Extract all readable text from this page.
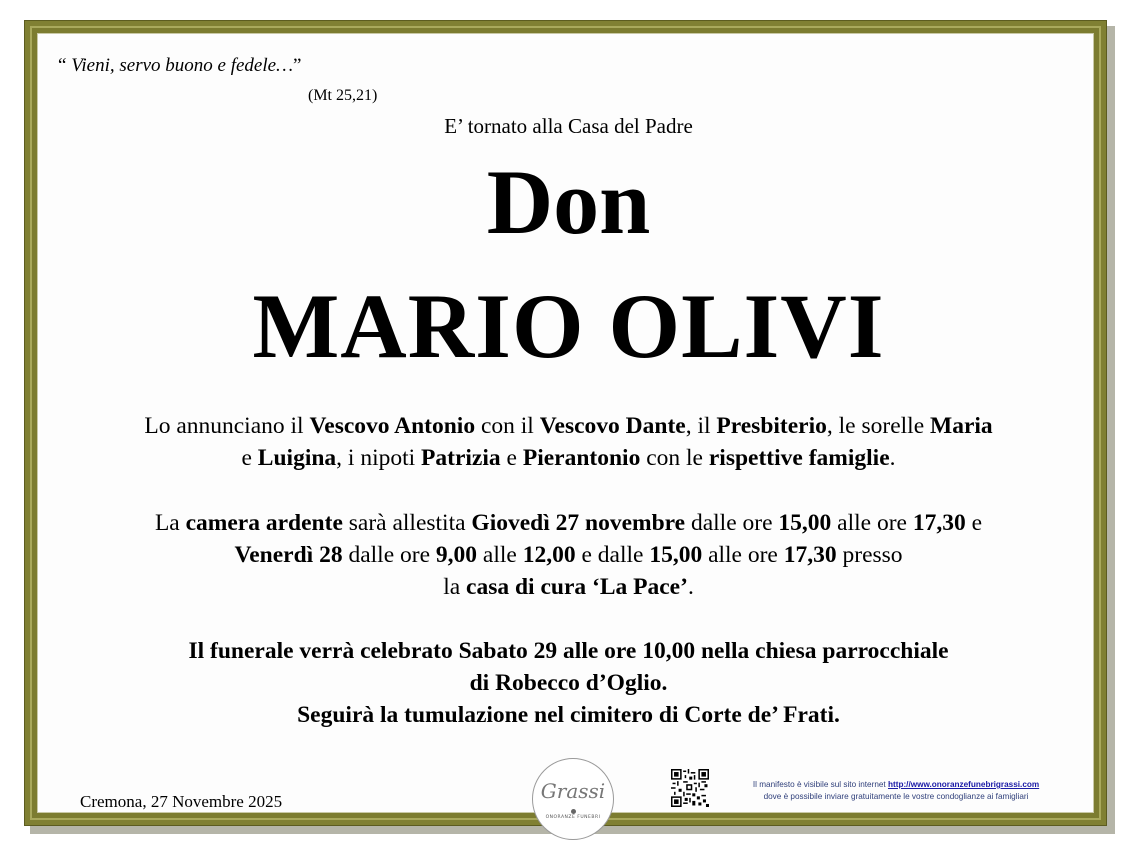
“ Vieni, servo buono e fedele…”
(Mt 25,21)
E’ tornato alla Casa del Padre
Don
MARIO OLIVI
Lo annunciano il Vescovo Antonio con il Vescovo Dante, il Presbiterio, le sorelle Maria
e Luigina, i nipoti Patrizia e Pierantonio con le rispettive famiglie.
La camera ardente sarà allestita Giovedì 27 novembre dalle ore 15,00 alle ore 17,30 e
Venerdì 28 dalle ore 9,00 alle 12,00 e dalle 15,00 alle ore 17,30 presso
la casa di cura ‘La Pace’.
Il funerale verrà celebrato Sabato 29 alle ore 10,00 nella chiesa parrocchiale
di Robecco d’Oglio.
Seguirà la tumulazione nel cimitero di Corte de’ Frati.
Cremona, 27 Novembre 2025	Grassi
ONORANZE FUNEBRI
Il manifesto è visibile sul sito internet http://www.onoranzefunebrigrassi.com
dove è possibile inviare gratuitamente le vostre condoglianze ai famigliari
